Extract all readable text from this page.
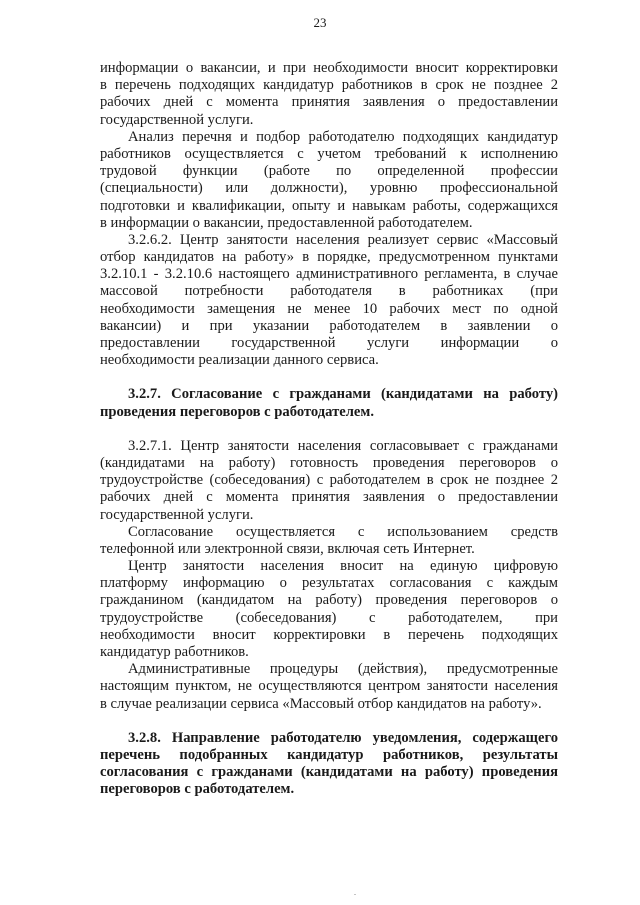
23
информации о вакансии, и при необходимости вносит корректировки
в перечень подходящих кандидатур работников в срок не позднее 2
рабочих дней с момента принятия заявления о предоставлении
государственной услуги.
Анализ перечня и подбор работодателю подходящих кандидатур
работников осуществляется с учетом требований к исполнению
трудовой функции (работе по определенной профессии
(специальности) или должности), уровню профессиональной
подготовки и квалификации, опыту и навыкам работы, содержащихся
в информации о вакансии, предоставленной работодателем.
3.2.6.2. Центр занятости населения реализует сервис «Массовый
отбор кандидатов на работу» в порядке, предусмотренном пунктами
3.2.10.1 - 3.2.10.6 настоящего административного регламента, в случае
массовой потребности работодателя в работниках (при
необходимости замещения не менее 10 рабочих мест по одной
вакансии) и при указании работодателем в заявлении о
предоставлении государственной услуги информации о
необходимости реализации данного сервиса.
3.2.7. Согласование с гражданами (кандидатами на работу)
проведения переговоров с работодателем.
3.2.7.1. Центр занятости населения согласовывает с гражданами
(кандидатами на работу) готовность проведения переговоров о
трудоустройстве (собеседования) с работодателем в срок не позднее 2
рабочих дней с момента принятия заявления о предоставлении
государственной услуги.
Согласование осуществляется с использованием средств
телефонной или электронной связи, включая сеть Интернет.
Центр занятости населения вносит на единую цифровую
платформу информацию о результатах согласования с каждым
гражданином (кандидатом на работу) проведения переговоров о
трудоустройстве (собеседования) с работодателем, при
необходимости вносит корректировки в перечень подходящих
кандидатур работников.
Административные процедуры (действия), предусмотренные
настоящим пунктом, не осуществляются центром занятости населения
в случае реализации сервиса «Массовый отбор кандидатов на работу».
3.2.8. Направление работодателю уведомления, содержащего
перечень подобранных кандидатур работников, результаты
согласования с гражданами (кандидатами на работу) проведения
переговоров с работодателем.
.
